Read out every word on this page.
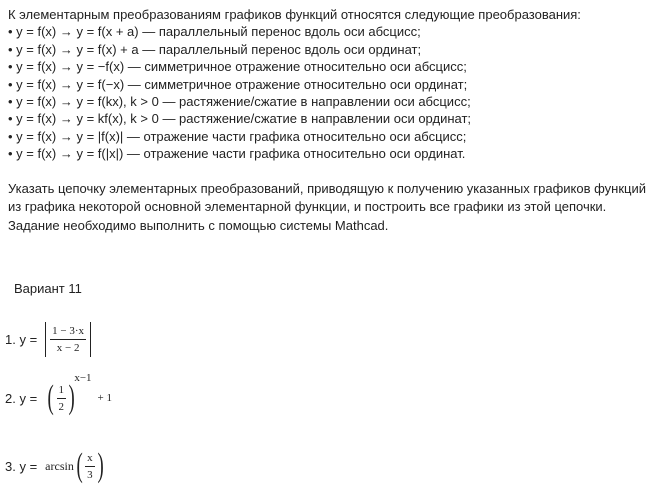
К элементарным преобразованиям графиков функций относятся следующие преобразования:

• y = f(x) → y = f(x + a) — параллельный перенос вдоль оси абсцисс;
• y = f(x) → y = f(x) + a — параллельный перенос вдоль оси ординат;
• y = f(x) → y = −f(x) — симметричное отражение относительно оси абсцисс;
• y = f(x) → y = f(−x) — симметричное отражение относительно оси ординат;
• y = f(x) → y = f(kx), k > 0 — растяжение/сжатие в направлении оси абсцисс;
• y = f(x) → y = kf(x), k > 0 — растяжение/сжатие в направлении оси ординат;
• y = f(x) → y = |f(x)| — отражение части графика относительно оси абсцисс;
• y = f(x) → y = f(|x|) — отражение части графика относительно оси ординат.

Указать цепочку элементарных преобразований, приводящую к получению указанных графиков функций из графика некоторой основной элементарной функции, и построить все графики из этой цепочки. Задание необходимо выполнить с помощью системы Mathcad.

Вариант 11
1. $y = \frac{1 - 3\cdot x}{x - 2}$
2. y = ( $\frac{1}{2}$ )
x−1
+ 1
3. y = arcsin ( $\frac{x}{3}$ )
